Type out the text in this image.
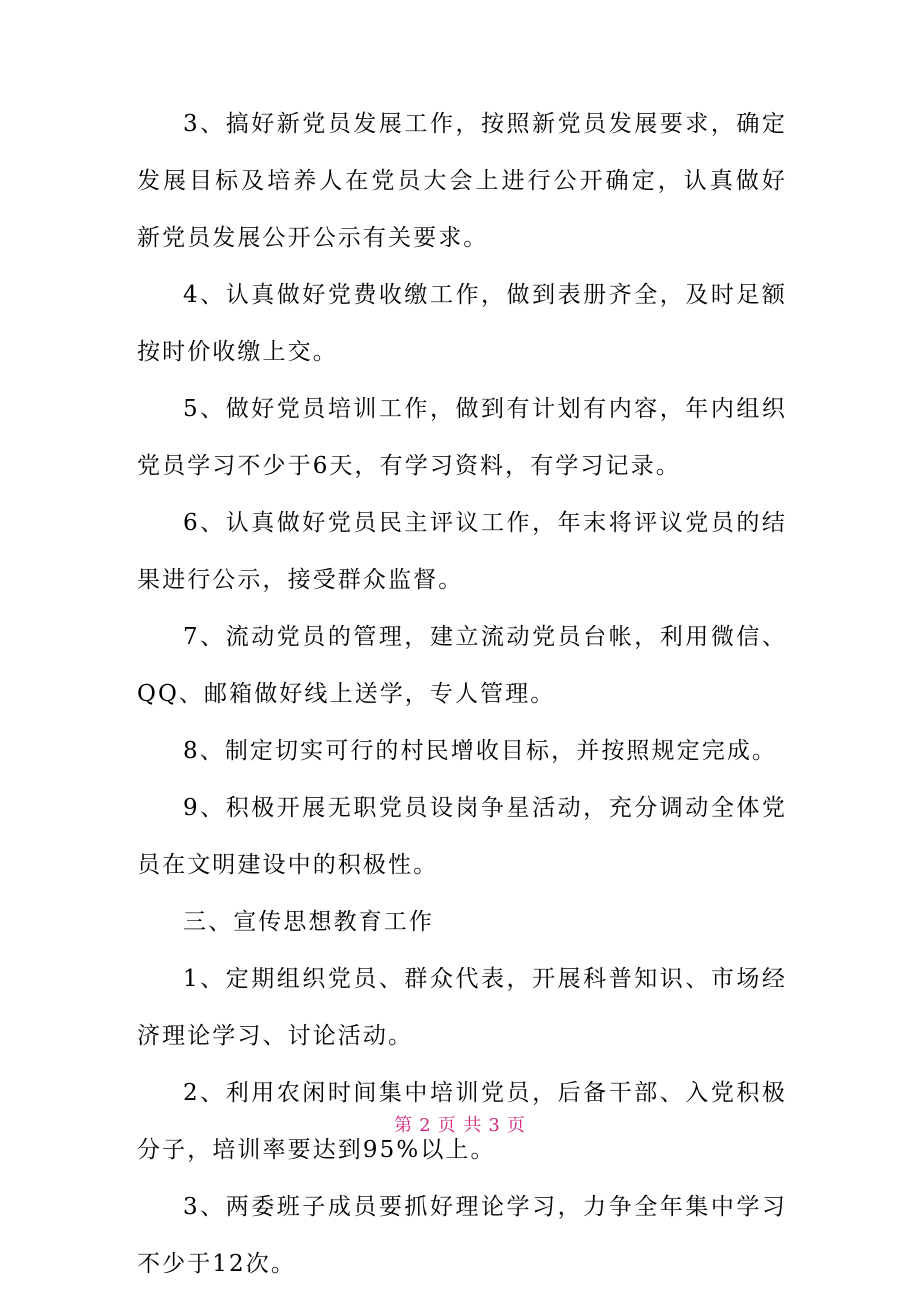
3、搞好新党员发展工作，按照新党员发展要求，确定发展目标及培养人在党员大会上进行公开确定，认真做好新党员发展公开公示有关要求。

4、认真做好党费收缴工作，做到表册齐全，及时足额按时价收缴上交。

5、做好党员培训工作，做到有计划有内容，年内组织党员学习不少于6天，有学习资料，有学习记录。

6、认真做好党员民主评议工作，年末将评议党员的结果进行公示，接受群众监督。

7、流动党员的管理，建立流动党员台帐，利用微信、QQ、邮箱做好线上送学，专人管理。

8、制定切实可行的村民增收目标，并按照规定完成。

9、积极开展无职党员设岗争星活动，充分调动全体党员在文明建设中的积极性。

三、宣传思想教育工作

1、定期组织党员、群众代表，开展科普知识、市场经济理论学习、讨论活动。

2、利用农闲时间集中培训党员，后备干部、入党积极分子，培训率要达到95%以上。

3、两委班子成员要抓好理论学习，力争全年集中学习不少于12次。

第 2 页 共 3 页
